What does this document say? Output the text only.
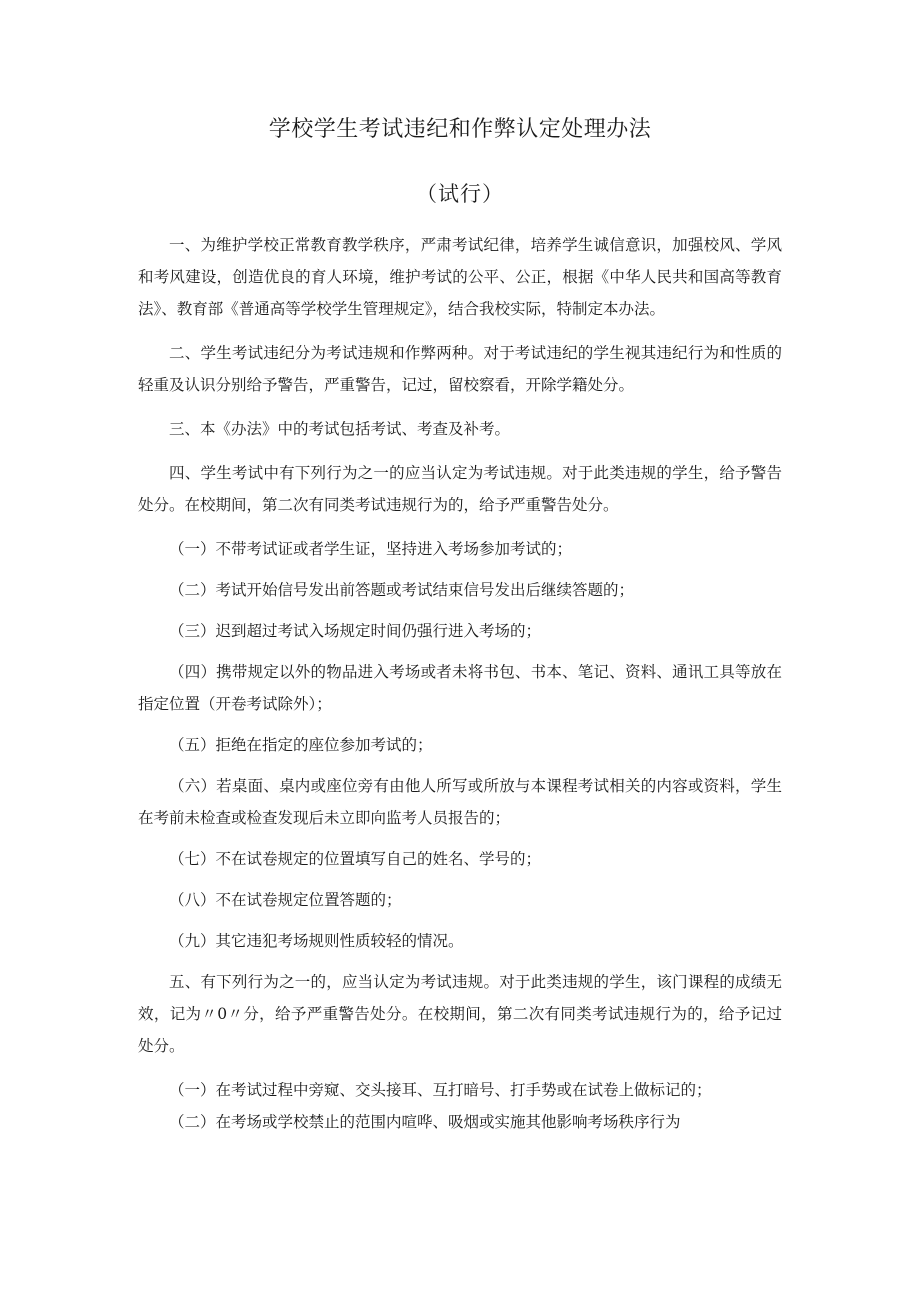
学校学生考试违纪和作弊认定处理办法
（试行）

一、为维护学校正常教育教学秩序，严肃考试纪律，培养学生诚信意识，加强校风、学风和考风建设，创造优良的育人环境，维护考试的公平、公正，根据《中华人民共和国高等教育法》、教育部《普通高等学校学生管理规定》，结合我校实际，特制定本办法。

二、学生考试违纪分为考试违规和作弊两种。对于考试违纪的学生视其违纪行为和性质的轻重及认识分别给予警告，严重警告，记过，留校察看，开除学籍处分。

三、本《办法》中的考试包括考试、考查及补考。

四、学生考试中有下列行为之一的应当认定为考试违规。对于此类违规的学生，给予警告处分。在校期间，第二次有同类考试违规行为的，给予严重警告处分。

（一）不带考试证或者学生证，坚持进入考场参加考试的；

（二）考试开始信号发出前答题或考试结束信号发出后继续答题的；

（三）迟到超过考试入场规定时间仍强行进入考场的；

（四）携带规定以外的物品进入考场或者未将书包、书本、笔记、资料、通讯工具等放在指定位置（开卷考试除外）；

（五）拒绝在指定的座位参加考试的；

（六）若桌面、桌内或座位旁有由他人所写或所放与本课程考试相关的内容或资料，学生在考前未检查或检查发现后未立即向监考人员报告的；

（七）不在试卷规定的位置填写自己的姓名、学号的；

（八）不在试卷规定位置答题的；

（九）其它违犯考场规则性质较轻的情况。

五、有下列行为之一的，应当认定为考试违规。对于此类违规的学生，该门课程的成绩无效，记为〃0〃分，给予严重警告处分。在校期间，第二次有同类考试违规行为的，给予记过处分。

（一）在考试过程中旁窥、交头接耳、互打暗号、打手势或在试卷上做标记的；

（二）在考场或学校禁止的范围内喧哗、吸烟或实施其他影响考场秩序行为
